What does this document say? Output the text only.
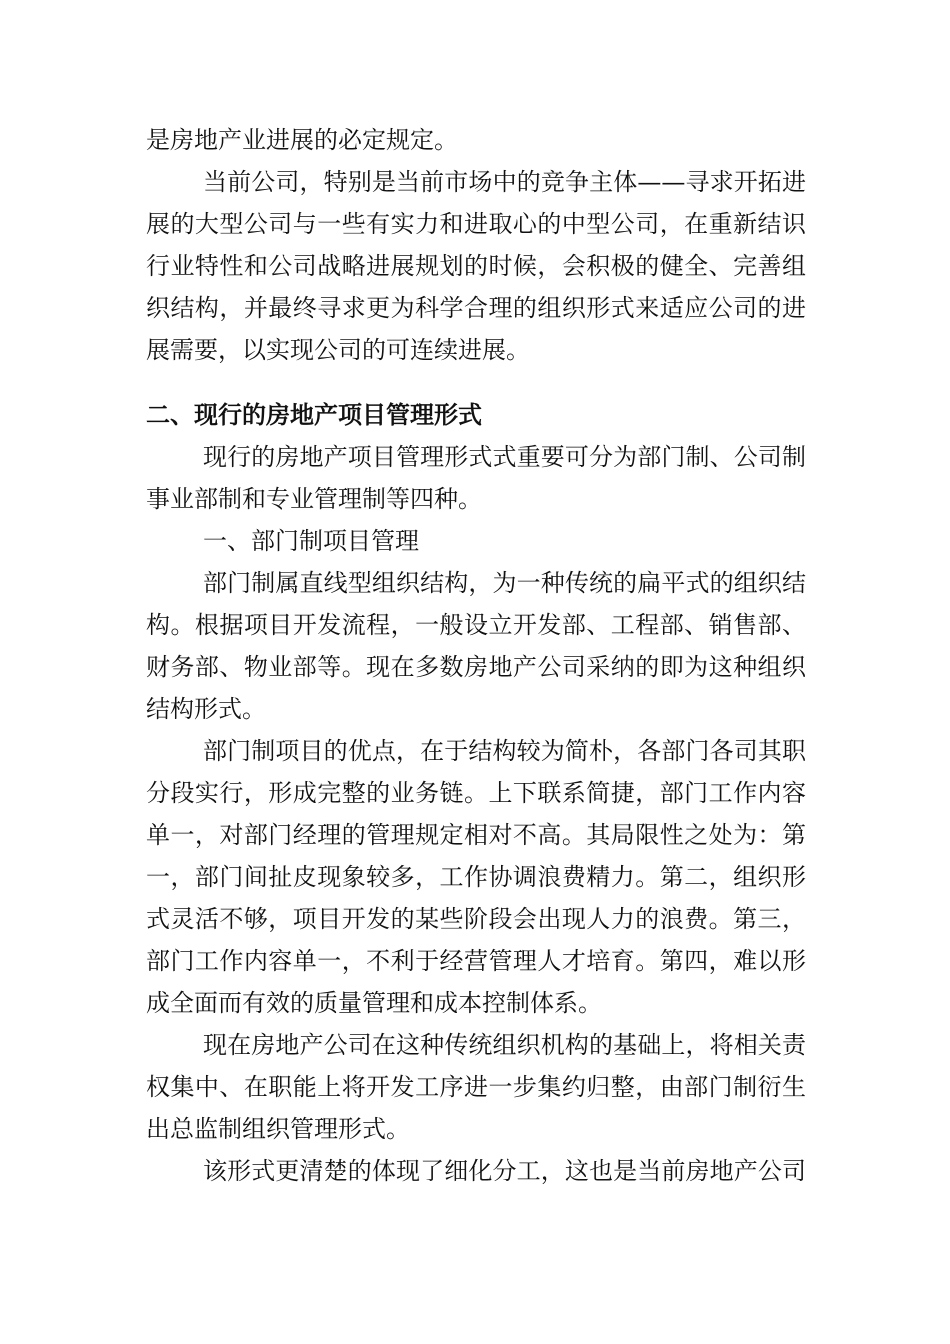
是房地产业进展的必定规定。
当前公司，特别是当前市场中的竞争主体——寻求开拓进
展的大型公司与一些有实力和进取心的中型公司，在重新结识
行业特性和公司战略进展规划的时候，会积极的健全、完善组
织结构，并最终寻求更为科学合理的组织形式来适应公司的进
展需要，以实现公司的可连续进展。
二、现行的房地产项目管理形式
现行的房地产项目管理形式式重要可分为部门制、公司制
事业部制和专业管理制等四种。
一、部门制项目管理
部门制属直线型组织结构，为一种传统的扁平式的组织结
构。根据项目开发流程，一般设立开发部、工程部、销售部、
财务部、物业部等。现在多数房地产公司采纳的即为这种组织
结构形式。
部门制项目的优点，在于结构较为简朴，各部门各司其职
分段实行，形成完整的业务链。上下联系简捷，部门工作内容
单一，对部门经理的管理规定相对不高。其局限性之处为：第
一，部门间扯皮现象较多，工作协调浪费精力。第二，组织形
式灵活不够，项目开发的某些阶段会出现人力的浪费。第三，
部门工作内容单一，不利于经营管理人才培育。第四，难以形
成全面而有效的质量管理和成本控制体系。
现在房地产公司在这种传统组织机构的基础上，将相关责
权集中、在职能上将开发工序进一步集约归整，由部门制衍生
出总监制组织管理形式。
该形式更清楚的体现了细化分工，这也是当前房地产公司
